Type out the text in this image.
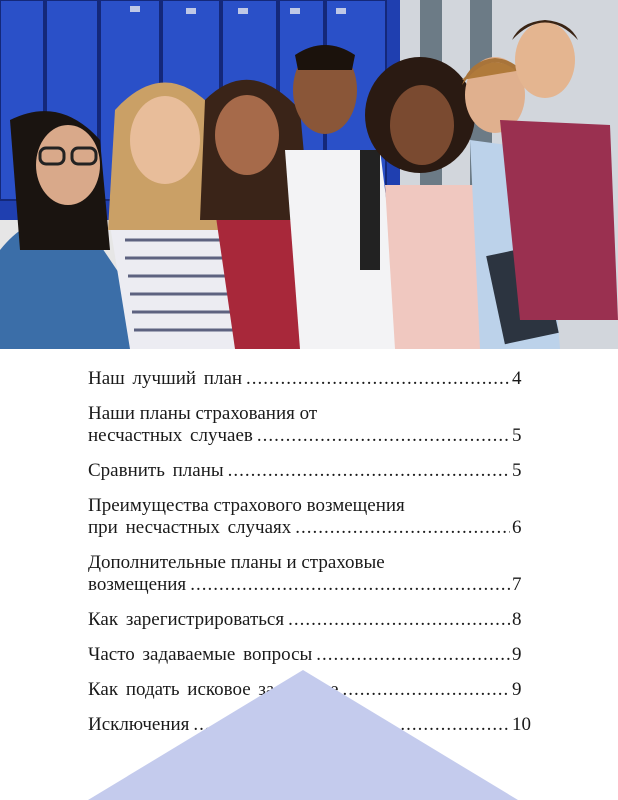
Наш лучший план .....	4
Наши планы страхования от
несчастных случаев .....	5
Сравнить планы .....	5
Преимущества страхового возмещения
при несчастных случаях .....	6
Дополнительные планы и страховые
возмещения .....	7
Как зарегистрироваться .....	8
Часто задаваемые вопросы .....	9
Как подать исковое заявление .....	9
Исключения .....	10
